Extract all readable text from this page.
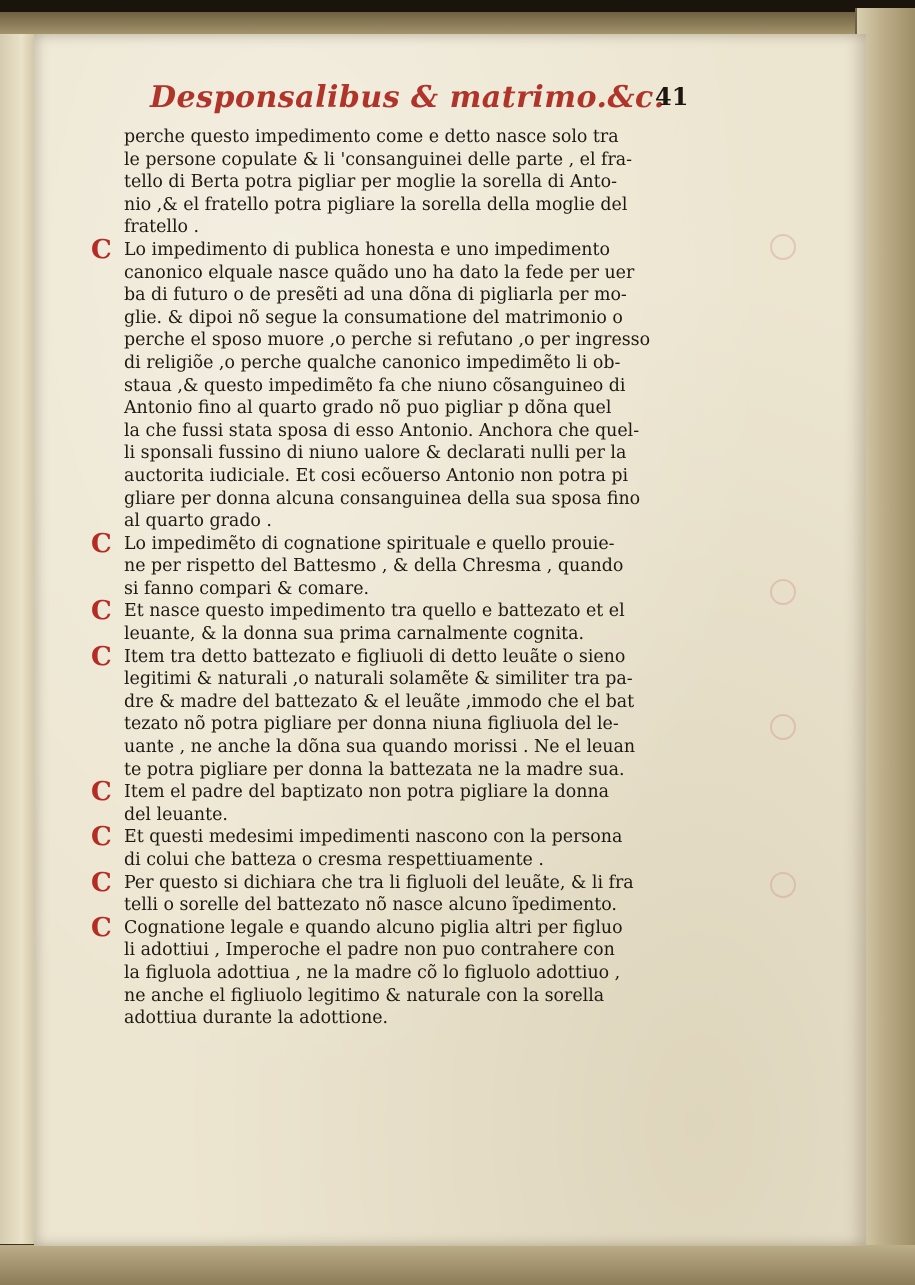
Desponsalibus & matrimo.&c.
41
perche questo impedimento come e detto nasce solo tra
le persone copulate & li 'consanguinei delle parte , el fra-
tello di Berta potra pigliar per moglie la sorella di Anto-
nio ,& el fratello potra pigliare la sorella della moglie del
fratello .
C Lo impedimento di publica honesta e uno impedimento
canonico elquale nasce quãdo uno ha dato la fede per uer
ba di futuro o de presẽti ad una dõna di pigliarla per mo-
glie. & dipoi nõ segue la consumatione del matrimonio o
perche el sposo muore ,o perche si refutano ,o per ingresso
di religiõe ,o perche qualche canonico impedimẽto li ob-
staua ,& questo impedimẽto fa che niuno cõsanguineo di
Antonio fino al quarto grado nõ puo pigliar p dõna quel
la che fussi stata sposa di esso Antonio. Anchora che quel-
li sponsali fussino di niuno ualore & declarati nulli per la
auctorita iudiciale. Et cosi ecõuerso Antonio non potra pi
gliare per donna alcuna consanguinea della sua sposa fino
al quarto grado .
C Lo impedimẽto di cognatione spirituale e quello prouie-
ne per rispetto del Battesmo , & della Chresma , quando
si fanno compari & comare.
C Et nasce questo impedimento tra quello e battezato et el
leuante, & la donna sua prima carnalmente cognita.
C Item tra detto battezato e figliuoli di detto leuãte o sieno
legitimi & naturali ,o naturali solamẽte & similiter tra pa-
dre & madre del battezato & el leuãte ,immodo che el bat
tezato nõ potra pigliare per donna niuna figliuola del le-
uante , ne anche la dõna sua quando morissi . Ne el leuan
te potra pigliare per donna la battezata ne la madre sua.
C Item el padre del baptizato non potra pigliare la donna
del leuante.
C Et questi medesimi impedimenti nascono con la persona
di colui che batteza o cresma respettiuamente .
C Per questo si dichiara che tra li figluoli del leuãte, & li fra
telli o sorelle del battezato nõ nasce alcuno ĩpedimento.
C Cognatione legale e quando alcuno piglia altri per figluo
li adottiui , Imperoche el padre non puo contrahere con
la figluola adottiua , ne la madre cõ lo figluolo adottiuo ,
ne anche el figliuolo legitimo & naturale con la sorella
adottiua durante la adottione.
